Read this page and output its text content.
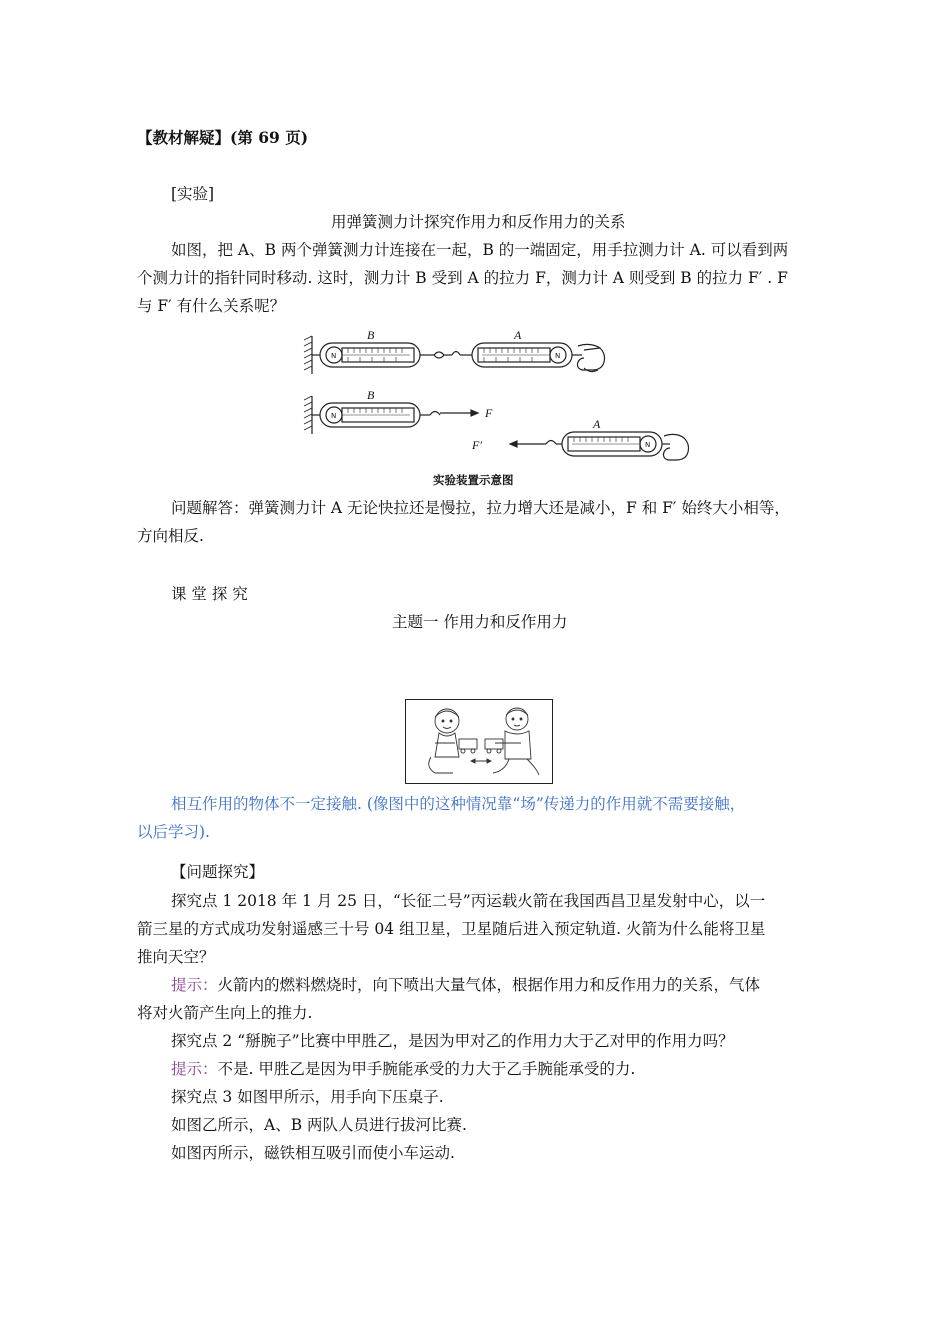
【教材解疑】(第 69 页)
[实验]
用弹簧测力计探究作用力和反作用力的关系
如图，把 A、B 两个弹簧测力计连接在一起，B 的一端固定，用手拉测力计 A. 可以看到两
个测力计的指针同时移动. 这时，测力计 B 受到 A 的拉力 F，测力计 A 则受到 B 的拉力 F′ . F
与 F′ 有什么关系呢？
B	A
B
F
A
F′
N	N
N
N
实验装置示意图
问题解答：弹簧测力计 A 无论快拉还是慢拉，拉力增大还是减小，F 和 F′ 始终大小相等，
方向相反.
课 堂 探 究
主题一 作用力和反作用力
相互作用的物体不一定接触. (像图中的这种情况靠“场”传递力的作用就不需要接触，
以后学习).
【问题探究】
探究点 1 2018 年 1 月 25 日，“长征二号”丙运载火箭在我国西昌卫星发射中心，以一
箭三星的方式成功发射遥感三十号 04 组卫星，卫星随后进入预定轨道. 火箭为什么能将卫星
推向天空？
提示：火箭内的燃料燃烧时，向下喷出大量气体，根据作用力和反作用力的关系，气体
将对火箭产生向上的推力.
探究点 2 “掰腕子”比赛中甲胜乙，是因为甲对乙的作用力大于乙对甲的作用力吗？
提示：不是. 甲胜乙是因为甲手腕能承受的力大于乙手腕能承受的力.
探究点 3 如图甲所示，用手向下压桌子.
如图乙所示，A、B 两队人员进行拔河比赛.
如图丙所示，磁铁相互吸引而使小车运动.
